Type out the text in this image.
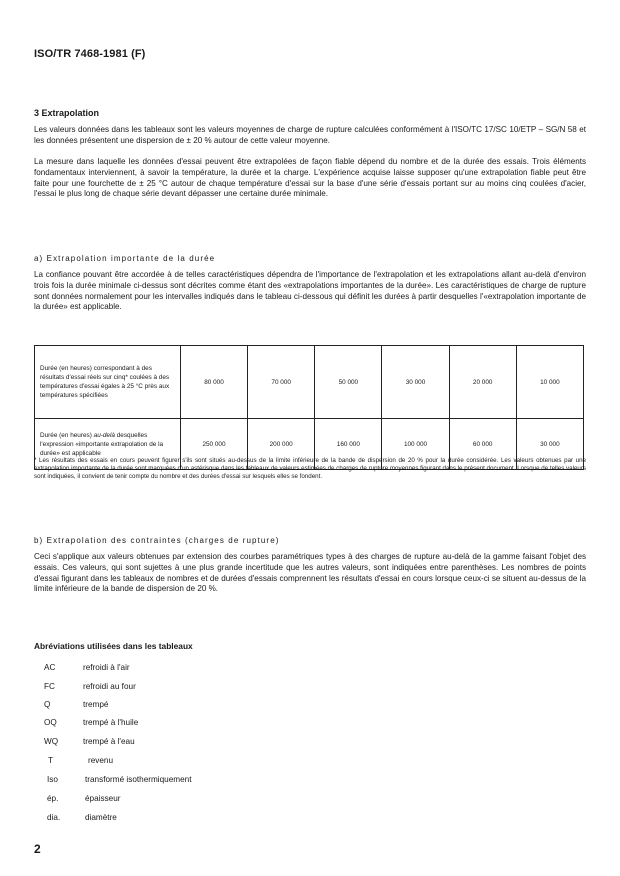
ISO/TR 7468-1981 (F)
3 Extrapolation

Les valeurs données dans les tableaux sont les valeurs moyennes de charge de rupture calculées conformément à l'ISO/TC 17/SC 10/ETP – SG/N 58 et les données présentent une dispersion de ± 20 % autour de cette valeur moyenne.

La mesure dans laquelle les données d'essai peuvent être extrapolées de façon fiable dépend du nombre et de la durée des essais. Trois éléments fondamentaux interviennent, à savoir la température, la durée et la charge. L'expérience acquise laisse supposer qu'une extrapolation fiable peut être faite pour une fourchette de ± 25 °C autour de chaque température d'essai sur la base d'une série d'essais portant sur au moins cinq coulées d'acier, l'essai le plus long de chaque série devant dépasser une certaine durée minimale.

a) Extrapolation importante de la durée

La confiance pouvant être accordée à de telles caractéristiques dépendra de l'importance de l'extrapolation et les extrapolations allant au-delà d'environ trois fois la durée minimale ci-dessus sont décrites comme étant des «extrapolations importantes de la durée». Les caractéristiques de charge de rupture sont données normalement pour les intervalles indiqués dans le tableau ci-dessous qui définit les durées à partir desquelles l'«extrapolation importante de la durée» est applicable.

Durée (en heures) correspondant à des résultats d'essai réels sur cinq* coulées à des températures d'essai égales à 25 °C près aux températures spécifiées	80 000	70 000	50 000	30 000	20 000	10 000
Durée (en heures) au-delà desquelles l'expression «importante extrapolation de la durée» est applicable	250 000	200 000	160 000	100 000	60 000	30 000

* Les résultats des essais en cours peuvent figurer s'ils sont situés au-dessus de la limite inférieure de la bande de dispersion de 20 % pour la durée considérée. Les valeurs obtenues par une extrapolation importante de la durée sont marquées d'un astérisque dans les tableaux de valeurs estimées de charges de rupture moyennes figurant dans le présent document. Lorsque de telles valeurs sont indiquées, il convient de tenir compte du nombre et des durées d'essai sur lesquels elles se fondent.

b) Extrapolation des contraintes (charges de rupture)

Ceci s'applique aux valeurs obtenues par extension des courbes paramétriques types à des charges de rupture au-delà de la gamme faisant l'objet des essais. Ces valeurs, qui sont sujettes à une plus grande incertitude que les autres valeurs, sont indiquées entre parenthèses. Les nombres de points d'essai figurant dans les tableaux de nombres et de durées d'essais comprennent les résultats d'essai en cours lorsque ceux-ci se situent au-dessus de la limite inférieure de la bande de dispersion de 20 %.

Abréviations utilisées dans les tableaux
AC	refroidi à l'air
FC	refroidi au four
Q	trempé
OQ	trempé à l'huile
WQ	trempé à l'eau
T	revenu
Iso	transformé isothermiquement
ép.	épaisseur
dia.	diamètre
2
